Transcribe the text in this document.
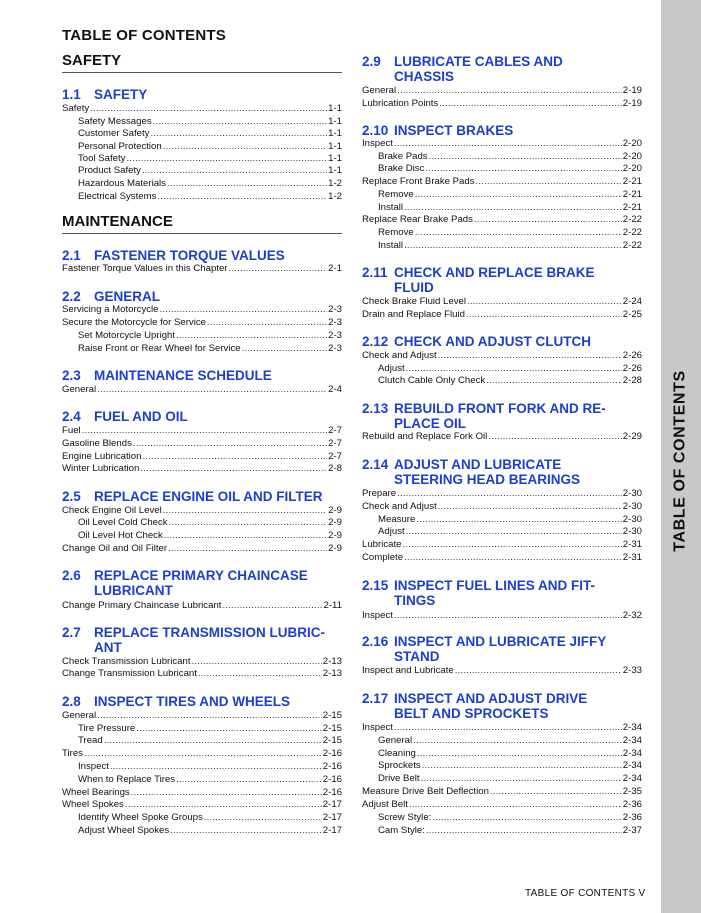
TABLE OF CONTENTS
TABLE OF CONTENTS
SAFETY
1.1 SAFETY
Safety .....	1-1
Safety Messages .....	1-1
Customer Safety .....	1-1
Personal Protection .....	1-1
Tool Safety .....	1-1
Product Safety .....	1-1
Hazardous Materials .....	1-2
Electrical Systems .....	1-2
MAINTENANCE
2.1 FASTENER TORQUE VALUES
Fastener Torque Values in this Chapter .....	2-1
2.2 GENERAL
Servicing a Motorcycle .....	2-3
Secure the Motorcycle for Service .....	2-3
Set Motorcycle Upright .....	2-3
Raise Front or Rear Wheel for Service .....	2-3
2.3 MAINTENANCE SCHEDULE
General .....	2-4
2.4 FUEL AND OIL
Fuel .....	2-7
Gasoline Blends .....	2-7
Engine Lubrication .....	2-7
Winter Lubrication .....	2-8
2.5 REPLACE ENGINE OIL AND FILTER
Check Engine Oil Level .....	2-9
Oil Level Cold Check .....	2-9
Oil Level Hot Check .....	2-9
Change Oil and Oil Filter .....	2-9
2.6 REPLACE PRIMARY CHAINCASE
LUBRICANT
Change Primary Chaincase Lubricant .....	2-11
2.7 REPLACE TRANSMISSION LUBRIC-
ANT
Check Transmission Lubricant .....	2-13
Change Transmission Lubricant .....	2-13
2.8 INSPECT TIRES AND WHEELS
General .....	2-15
Tire Pressure .....	2-15
Tread .....	2-15
Tires .....	2-16
Inspect .....	2-16
When to Replace Tires .....	2-16
Wheel Bearings .....	2-16
Wheel Spokes .....	2-17
Identify Wheel Spoke Groups .....	2-17
Adjust Wheel Spokes .....	2-17
2.9 LUBRICATE CABLES AND
CHASSIS
General .....	2-19
Lubrication Points .....	2-19
2.10 INSPECT BRAKES
Inspect .....	2-20
Brake Pads .....	2-20
Brake Disc .....	2-20
Replace Front Brake Pads .....	2-21
Remove .....	2-21
Install .....	2-21
Replace Rear Brake Pads .....	2-22
Remove .....	2-22
Install .....	2-22
2.11 CHECK AND REPLACE BRAKE
FLUID
Check Brake Fluid Level .....	2-24
Drain and Replace Fluid .....	2-25
2.12 CHECK AND ADJUST CLUTCH
Check and Adjust .....	2-26
Adjust .....	2-26
Clutch Cable Only Check .....	2-28
2.13 REBUILD FRONT FORK AND RE-
PLACE OIL
Rebuild and Replace Fork Oil .....	2-29
2.14 ADJUST AND LUBRICATE
STEERING HEAD BEARINGS
Prepare .....	2-30
Check and Adjust .....	2-30
Measure .....	2-30
Adjust .....	2-30
Lubricate .....	2-31
Complete .....	2-31
2.15 INSPECT FUEL LINES AND FIT-
TINGS
Inspect .....	2-32
2.16 INSPECT AND LUBRICATE JIFFY
STAND
Inspect and Lubricate .....	2-33
2.17 INSPECT AND ADJUST DRIVE
BELT AND SPROCKETS
Inspect .....	2-34
General .....	2-34
Cleaning .....	2-34
Sprockets .....	2-34
Drive Belt .....	2-34
Measure Drive Belt Deflection .....	2-35
Adjust Belt .....	2-36
Screw Style: .....	2-36
Cam Style: .....	2-37
TABLE OF CONTENTS V
